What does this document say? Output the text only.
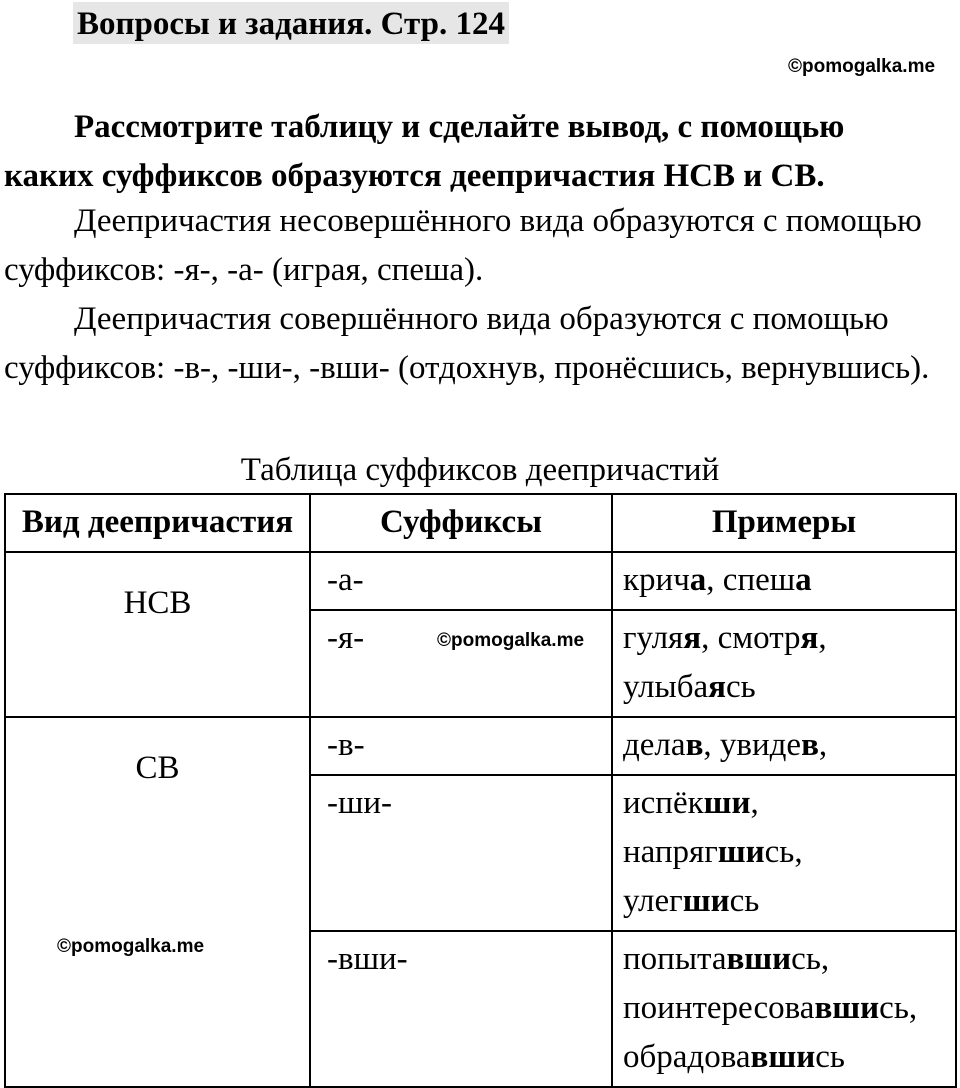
Вопросы и задания. Стр. 124
©pomogalka.me

Рассмотрите таблицу и сделайте вывод, с помощью каких суффиксов образуются деепричастия НСВ и СВ.

Деепричастия несовершённого вида образуются с помощью суффиксов: -я-, -а- (играя, спеша).

Деепричастия совершённого вида образуются с помощью суффиксов: -в-, -ши-, -вши- (отдохнув, пронёсшись, вернувшись).

Таблица суффиксов деепричастий
Вид деепричастия	Суффиксы	Примеры
НСВ	-а-	крича, спеша

	-я-	гуляя, смотря,
улыбаясь

СВ	-в-	делав, увидев,

	-ши-	испёкши,
напрягшись,
улегшись

	-вши-	попытавшись,
поинтересовавшись,
обрадовавшись
©pomogalka.me
©pomogalka.me
